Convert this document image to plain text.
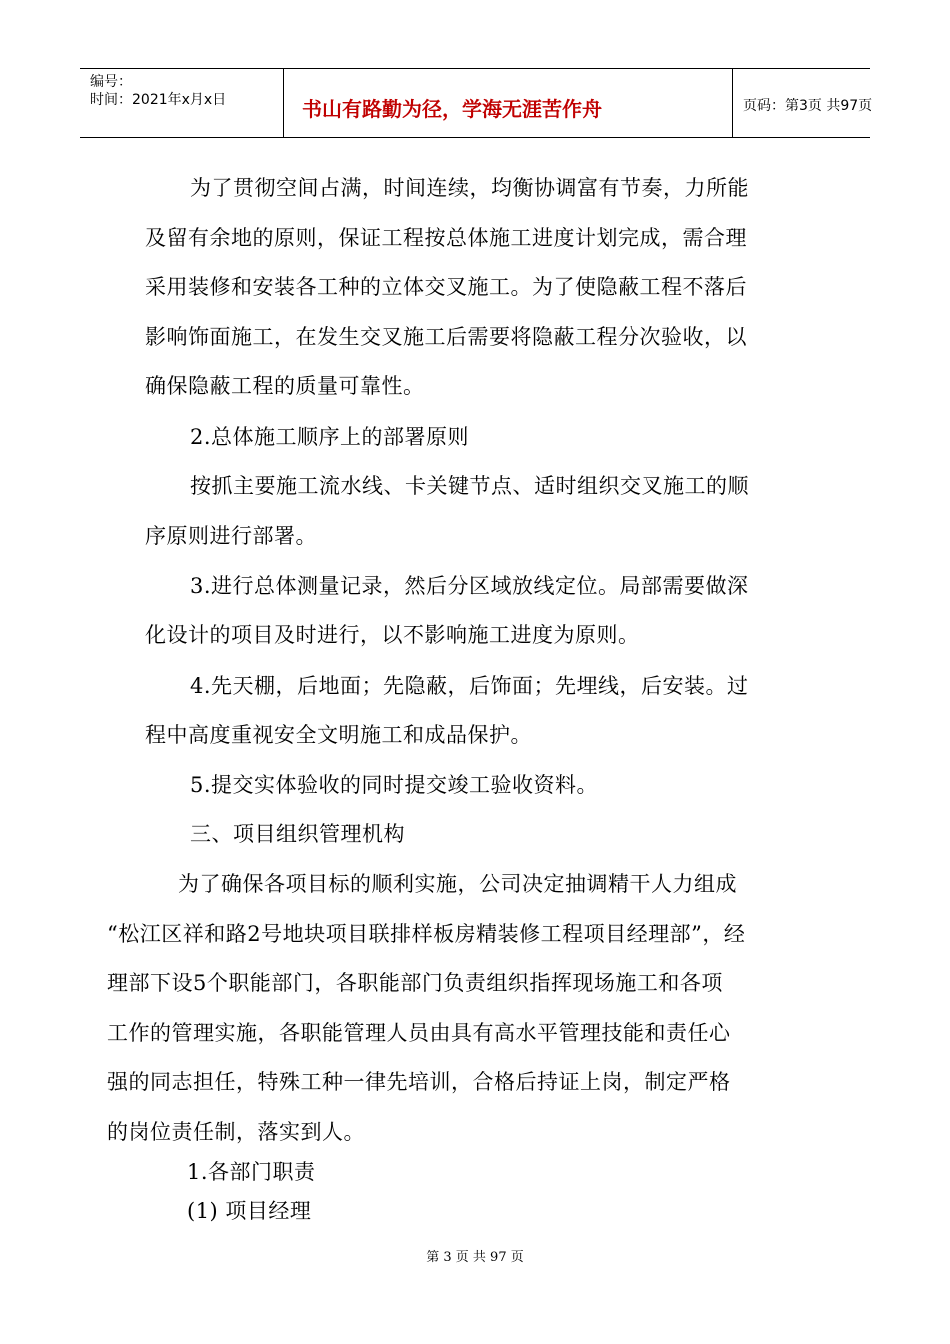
编号：
时间：2021年x月x日	书山有路勤为径，学海无涯苦作舟	页码：第3页 共97页
为了贯彻空间占满，时间连续，均衡协调富有节奏，力所能
及留有余地的原则，保证工程按总体施工进度计划完成，需合理
采用装修和安装各工种的立体交叉施工。为了使隐蔽工程不落后
影响饰面施工，在发生交叉施工后需要将隐蔽工程分次验收，以
确保隐蔽工程的质量可靠性。
2.总体施工顺序上的部署原则
按抓主要施工流水线、卡关键节点、适时组织交叉施工的顺
序原则进行部署。
3.进行总体测量记录，然后分区域放线定位。局部需要做深
化设计的项目及时进行，以不影响施工进度为原则。
4.先天棚，后地面；先隐蔽，后饰面；先埋线，后安装。过
程中高度重视安全文明施工和成品保护。
5.提交实体验收的同时提交竣工验收资料。
三、项目组织管理机构
为了确保各项目标的顺利实施，公司决定抽调精干人力组成
“松江区祥和路2号地块项目联排样板房精装修工程项目经理部”，经
理部下设5个职能部门，各职能部门负责组织指挥现场施工和各项
工作的管理实施，各职能管理人员由具有高水平管理技能和责任心
强的同志担任，特殊工种一律先培训，合格后持证上岗，制定严格
的岗位责任制，落实到人。
1.各部门职责
(1) 项目经理
第 3 页 共 97 页
